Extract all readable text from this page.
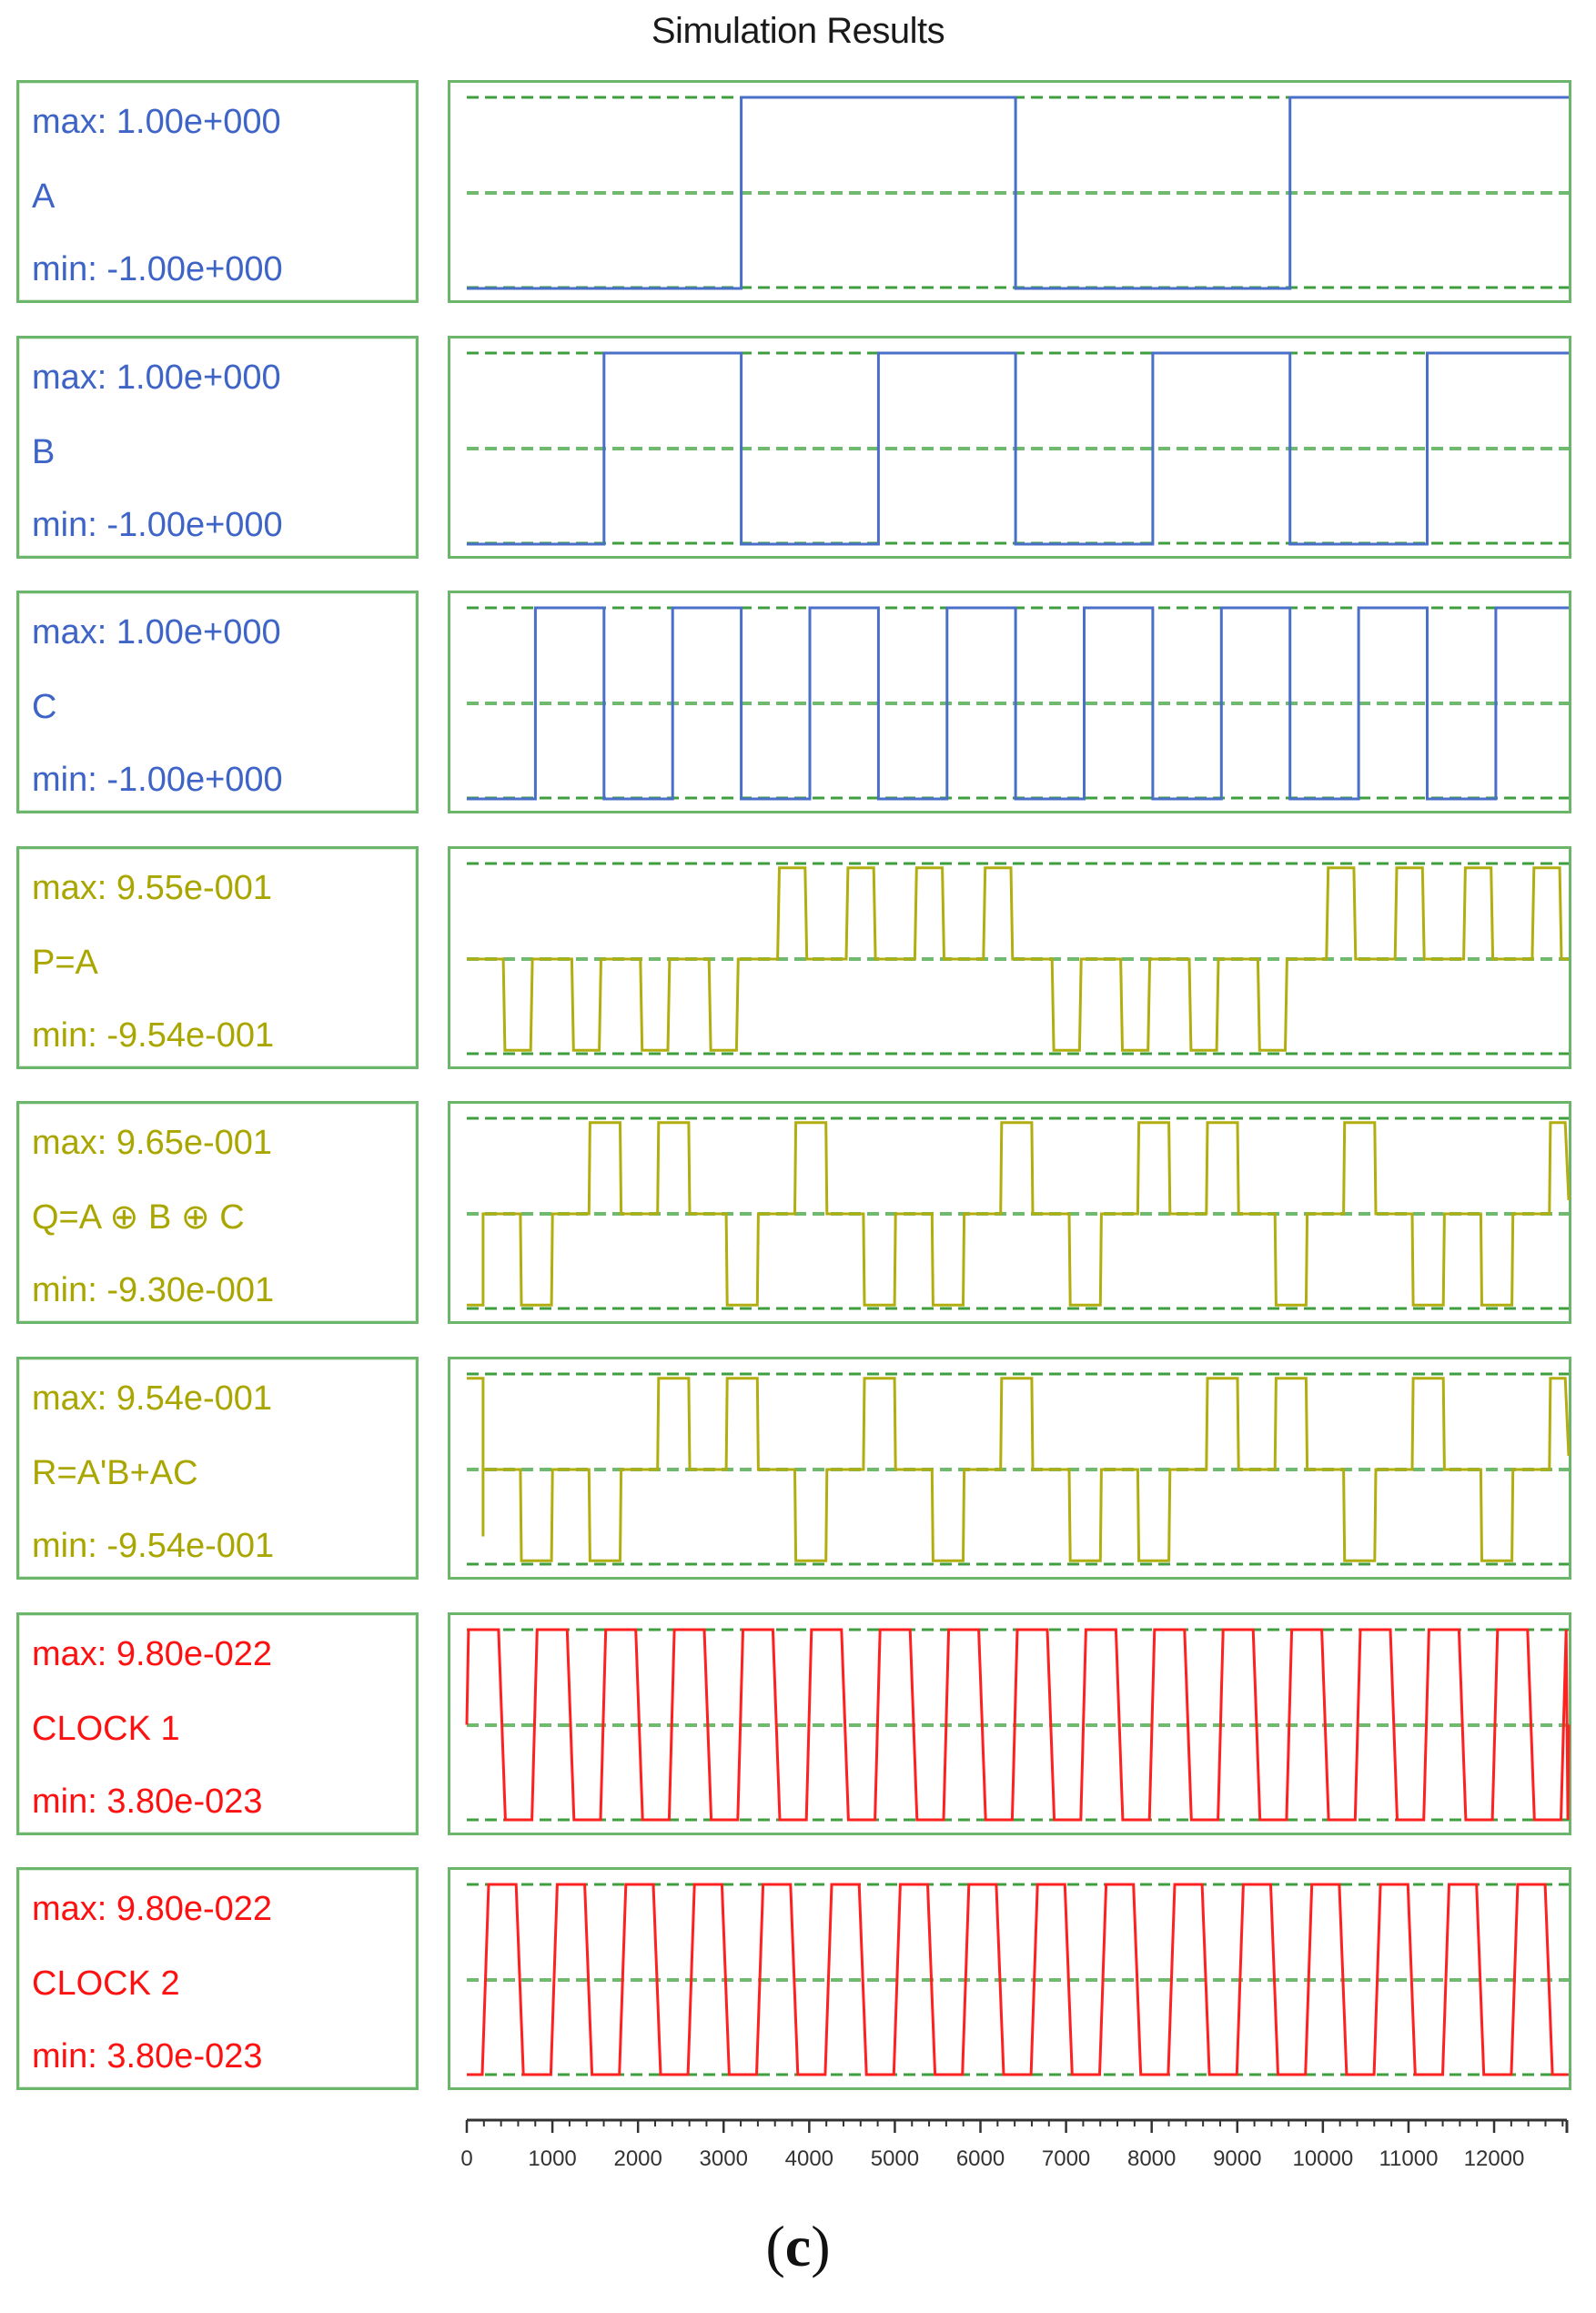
Simulation Results
max: 1.00e+000
A
min: -1.00e+000
max: 1.00e+000
B
min: -1.00e+000
max: 1.00e+000
C
min: -1.00e+000
max: 9.55e-001
P=A
min: -9.54e-001
max: 9.65e-001
Q=A ⊕ B ⊕ C
min: -9.30e-001
max: 9.54e-001
R=A'B+AC
min: -9.54e-001
max: 9.80e-022
CLOCK 1
min: 3.80e-023
max: 9.80e-022
CLOCK 2
min: 3.80e-023
0	1000 2000 3000 4000 5000 6000 7000 8000 9000 10000 11000 12000
(c)
